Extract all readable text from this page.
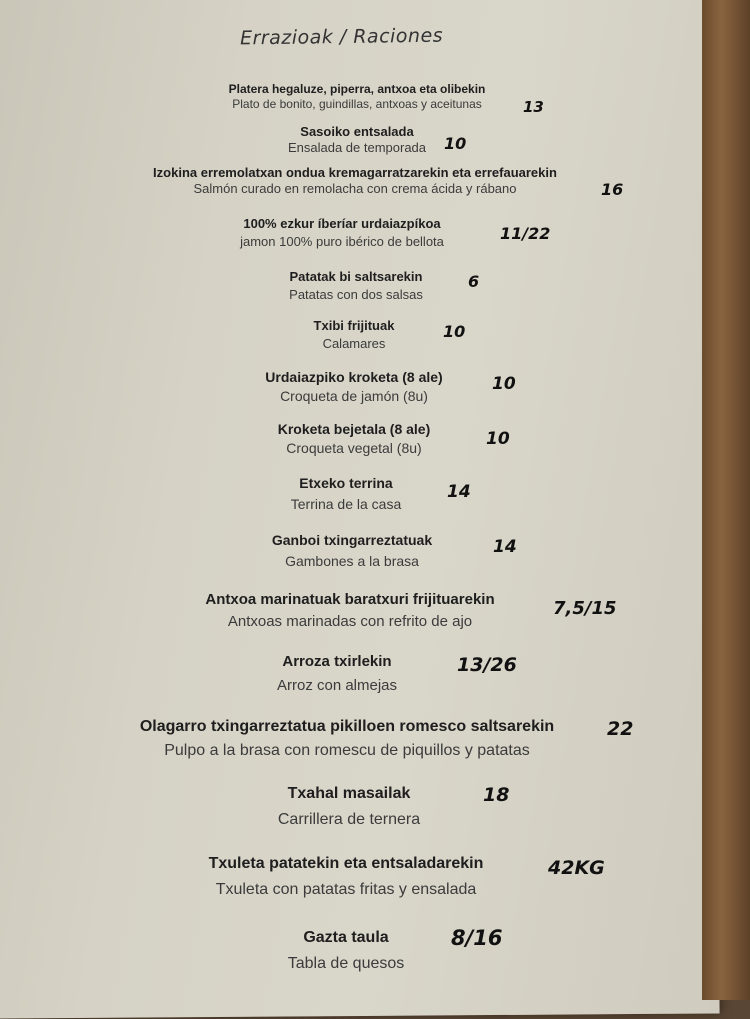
Errazioak / Raciones
Platera hegaluze, piperra, antxoa eta olibekin
Plato de bonito, guindillas, antxoas y aceitunas	13
Sasoiko entsalada
Ensalada de temporada 10
Izokina erremolatxan ondua kremagarratzarekin eta errefauarekin
Salmón curado en remolacha con crema ácida y rábano	16
100% ezkur íberíar urdaiazpíkoa
jamon 100% puro ibérico de bellota	11/22
Patatak bi saltsarekin
Patatas con dos salsas
6
Txibi frijituak
Calamares
10
Urdaiazpiko kroketa (8 ale)
Croqueta de jamón (8u)
10
Kroketa bejetala (8 ale)
Croqueta vegetal (8u)	10
Etxeko terrina
Terrina de la casa
14
Ganboi txingarreztatuak
Gambones a la brasa
14
Antxoa marinatuak baratxuri frijituarekin
Antxoas marinadas con refrito de ajo
7,5/15
Arroza txirlekin
Arroz con almejas
13/26
Olagarro txingarreztatua pikilloen romesco saltsarekin
Pulpo a la brasa con romescu de piquillos y patatas
22
Txahal masailak
Carrillera de ternera
18
Txuleta patatekin eta entsaladarekin
Txuleta con patatas fritas y ensalada
42KG
Gazta taula
Tabla de quesos
8/16
